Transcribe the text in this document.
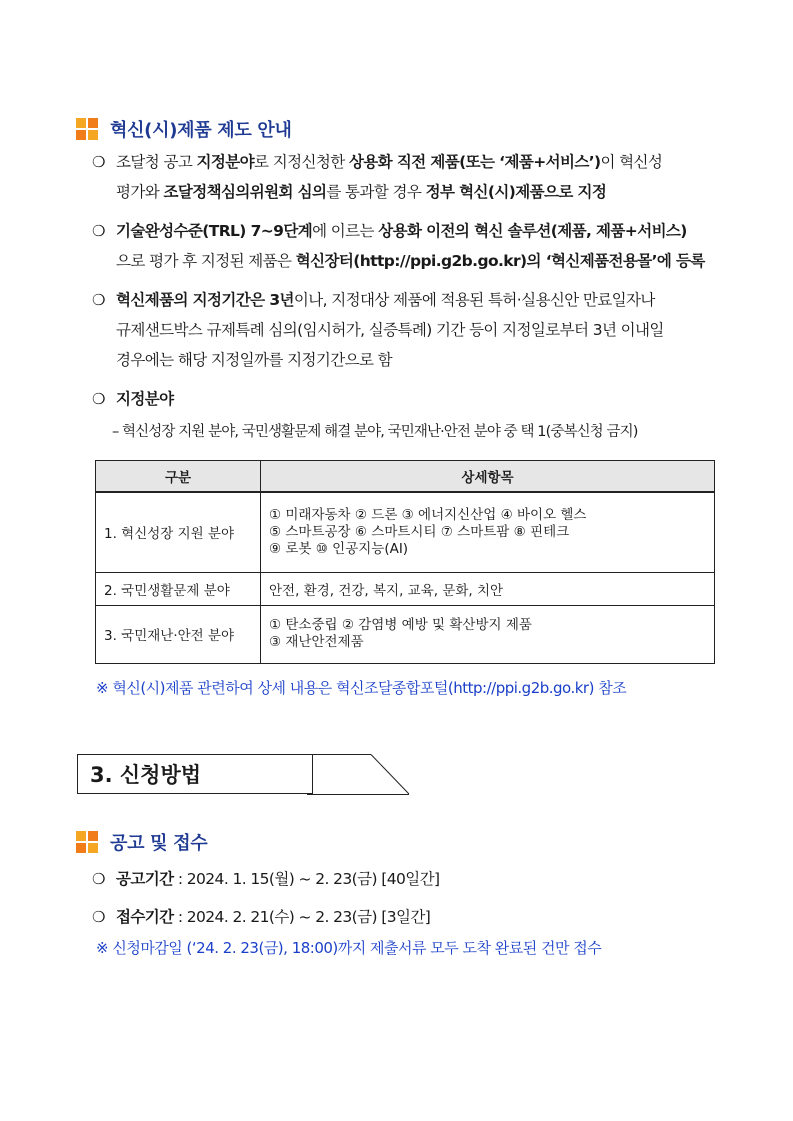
혁신(시)제품 제도 안내
❍ 조달청 공고 지정분야로 지정신청한 상용화 직전 제품(또는 ‘제품+서비스’)이 혁신성
평가와 조달정책심의위원회 심의를 통과할 경우 정부 혁신(시)제품으로 지정
❍ 기술완성수준(TRL) 7~9단계에 이르는 상용화 이전의 혁신 솔루션(제품, 제품+서비스)
으로 평가 후 지정된 제품은 혁신장터(http://ppi.g2b.go.kr)의 ‘혁신제품전용몰’에 등록
❍ 혁신제품의 지정기간은 3년이나, 지정대상 제품에 적용된 특허·실용신안 만료일자나
규제샌드박스 규제특례 심의(임시허가, 실증특례) 기간 등이 지정일로부터 3년 이내일
경우에는 해당 지정일까를 지정기간으로 함
❍ 지정분야
– 혁신성장 지원 분야, 국민생활문제 해결 분야, 국민재난·안전 분야 중 택 1(중복신청 금지)
구분	상세항목
1. 혁신성장 지원 분야	① 미래자동차 ② 드론 ③ 에너지신산업 ④ 바이오 헬스
⑤ 스마트공장 ⑥ 스마트시티 ⑦ 스마트팜 ⑧ 핀테크
⑨ 로봇 ⑩ 인공지능(AI)

2. 국민생활문제 분야	안전, 환경, 건강, 복지, 교육, 문화, 치안
3. 국민재난·안전 분야	① 탄소중립 ② 감염병 예방 및 확산방지 제품
③ 재난안전제품
※ 혁신(시)제품 관련하여 상세 내용은 혁신조달종합포털(http://ppi.g2b.go.kr) 참조
3. 신청방법
공고 및 접수
❍ 공고기간 : 2024. 1. 15(월) ~ 2. 23(금) [40일간]
❍ 접수기간 : 2024. 2. 21(수) ~ 2. 23(금) [3일간]
※ 신청마감일 (‘24. 2. 23(금), 18:00)까지 제출서류 모두 도착 완료된 건만 접수
